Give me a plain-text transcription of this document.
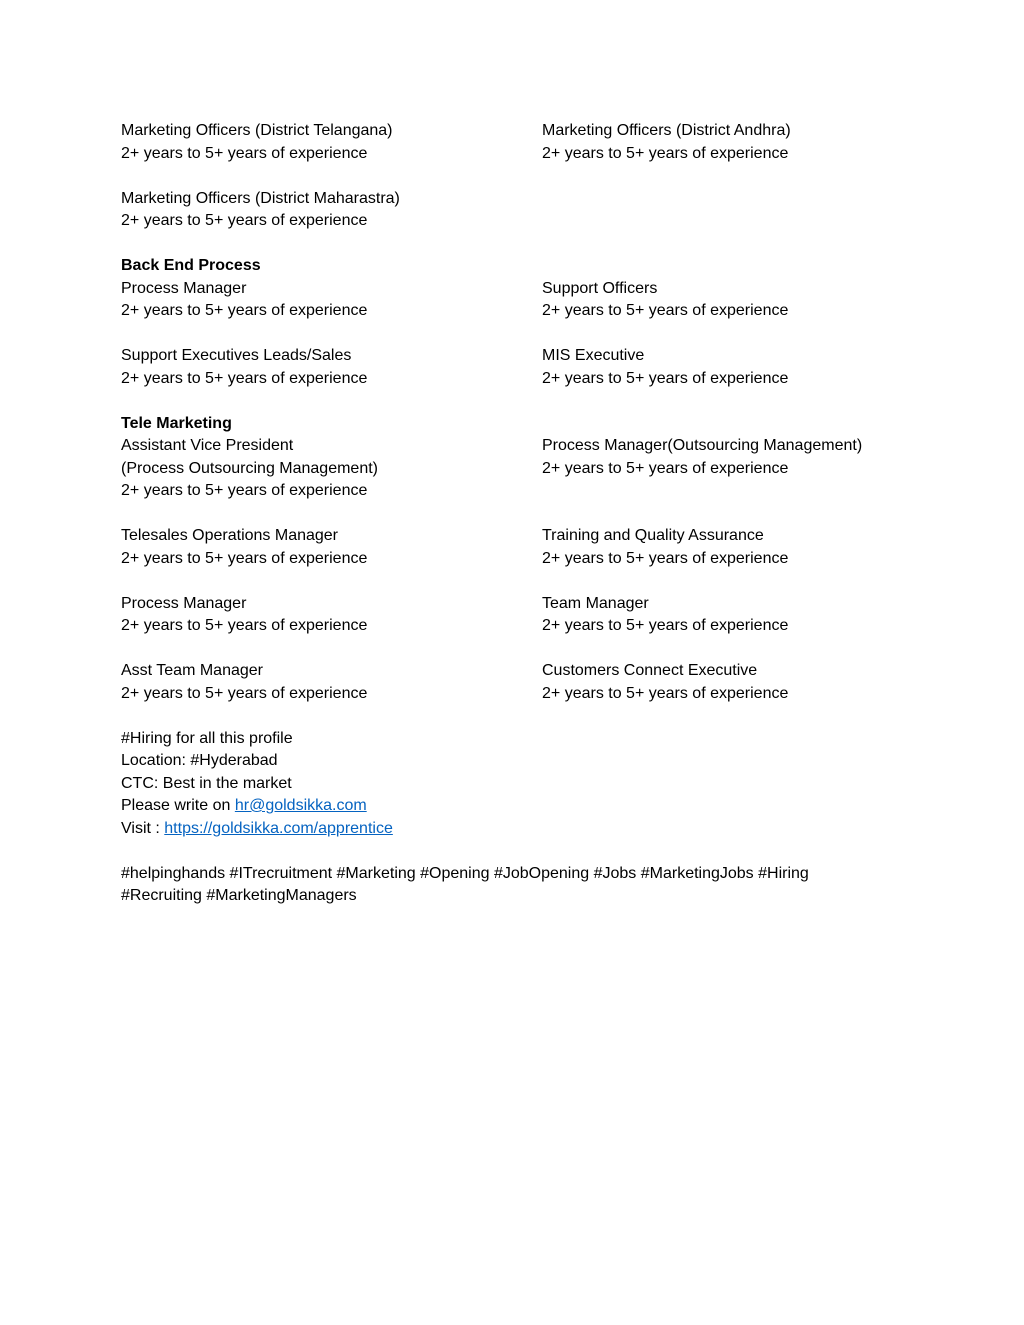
Marketing Officers (District Telangana)
2+ years to 5+ years of experience
Marketing Officers (District Andhra)
2+ years to 5+ years of experience
Marketing Officers (District Maharastra)
2+ years to 5+ years of experience
Back End Process
Process Manager
2+ years to 5+ years of experience
Support Officers
2+ years to 5+ years of experience
Support Executives Leads/Sales
2+ years to 5+ years of experience
MIS Executive
2+ years to 5+ years of experience
Tele Marketing
Assistant Vice President
(Process Outsourcing Management)
2+ years to 5+ years of experience
Process Manager(Outsourcing Management)
2+ years to 5+ years of experience
Telesales Operations Manager
2+ years to 5+ years of experience
Training and Quality Assurance
2+ years to 5+ years of experience
Process Manager
2+ years to 5+ years of experience
Team Manager
2+ years to 5+ years of experience
Asst Team Manager
2+ years to 5+ years of experience
Customers Connect Executive
2+ years to 5+ years of experience
#Hiring for all this profile
Location: #Hyderabad
CTC: Best in the market
Please write on hr@goldsikka.com
Visit : https://goldsikka.com/apprentice
#helpinghands #ITrecruitment #Marketing #Opening #JobOpening #Jobs #MarketingJobs #Hiring #Recruiting #MarketingManagers
